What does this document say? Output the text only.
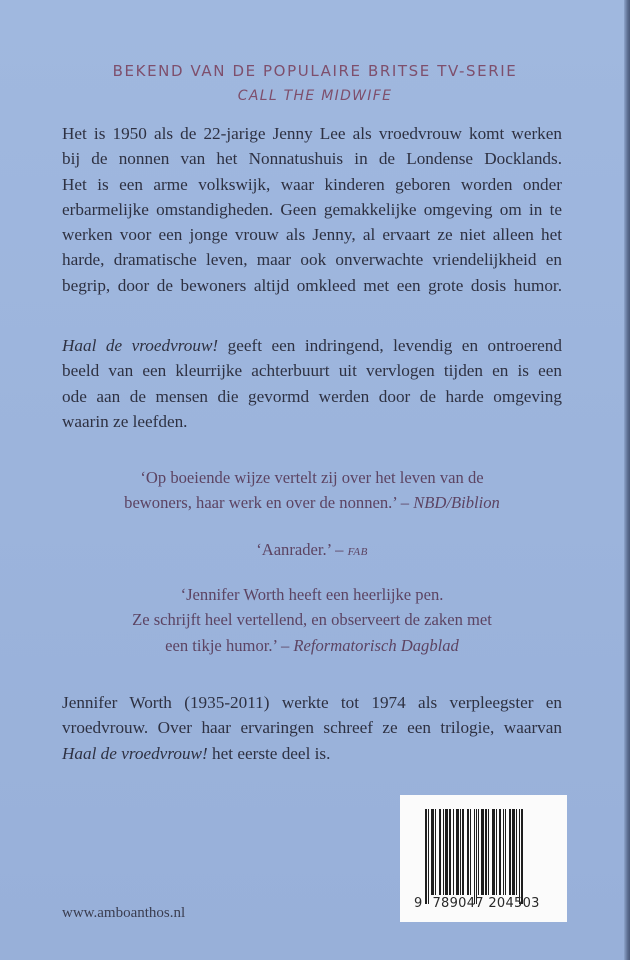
BEKEND VAN DE POPULAIRE BRITSE TV-SERIE
CALL THE MIDWIFE
Het is 1950 als de 22-jarige Jenny Lee als vroedvrouw komt werken
bij de nonnen van het Nonnatushuis in de Londense Docklands.
Het is een arme volkswijk, waar kinderen geboren worden onder
erbarmelijke omstandigheden. Geen gemakkelijke omgeving om in te
werken voor een jonge vrouw als Jenny, al ervaart ze niet alleen het
harde, dramatische leven, maar ook onverwachte vriendelijkheid en
begrip, door de bewoners altijd omkleed met een grote dosis humor.
Haal de vroedvrouw! geeft een indringend, levendig en ontroerend
beeld van een kleurrijke achterbuurt uit vervlogen tijden en is een
ode aan de mensen die gevormd werden door de harde omgeving
waarin ze leefden.
‘Op boeiende wijze vertelt zij over het leven van de
bewoners, haar werk en over de nonnen.’ – NBD/Biblion
‘Aanrader.’ – FAB
‘Jennifer Worth heeft een heerlijke pen.
Ze schrijft heel vertellend, en observeert de zaken met
een tikje humor.’ – Reformatorisch Dagblad
Jennifer Worth (1935-2011) werkte tot 1974 als verpleegster en
vroedvrouw. Over haar ervaringen schreef ze een trilogie, waarvan
Haal de vroedvrouw! het eerste deel is.
www.amboanthos.nl
9 789047 204503
